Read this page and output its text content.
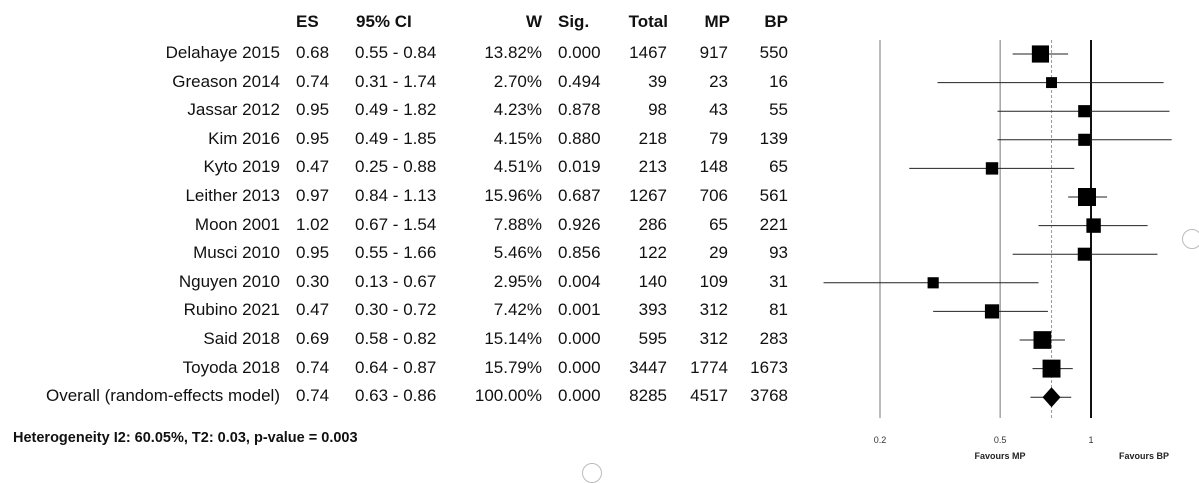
ES	95% CI	W Sig.	Total	MP	BP
Delahaye 2015 0.68	0.55 - 0.84	13.82% 0.000	1467	917	550
Greason 2014 0.74	0.31 - 1.74	2.70% 0.494	39	23	16
Jassar 2012 0.95	0.49 - 1.82	4.23% 0.878	98	43	55
Kim 2016 0.95	0.49 - 1.85	4.15% 0.880	218	79	139
Kyto 2019 0.47	0.25 - 0.88	4.51% 0.019	213	148	65
Leither 2013 0.97	0.84 - 1.13	15.96% 0.687	1267	706	561
Moon 2001 1.02	0.67 - 1.54	7.88% 0.926	286	65	221
Musci 2010 0.95	0.55 - 1.66	5.46% 0.856	122	29	93
Nguyen 2010 0.30	0.13 - 0.67	2.95% 0.004	140	109	31
Rubino 2021 0.47	0.30 - 0.72	7.42% 0.001	393	312	81
Said 2018 0.69	0.58 - 0.82	15.14% 0.000	595	312	283
Toyoda 2018 0.74	0.64 - 0.87	15.79% 0.000	3447	1774	1673
Overall (random-effects model) 0.74	0.63 - 0.86	100.00% 0.000	8285	4517	3768
Heterogeneity I2: 60.05%, T2: 0.03, p-value = 0.003	0.2	0.5	1
Favours MP	Favours BP
